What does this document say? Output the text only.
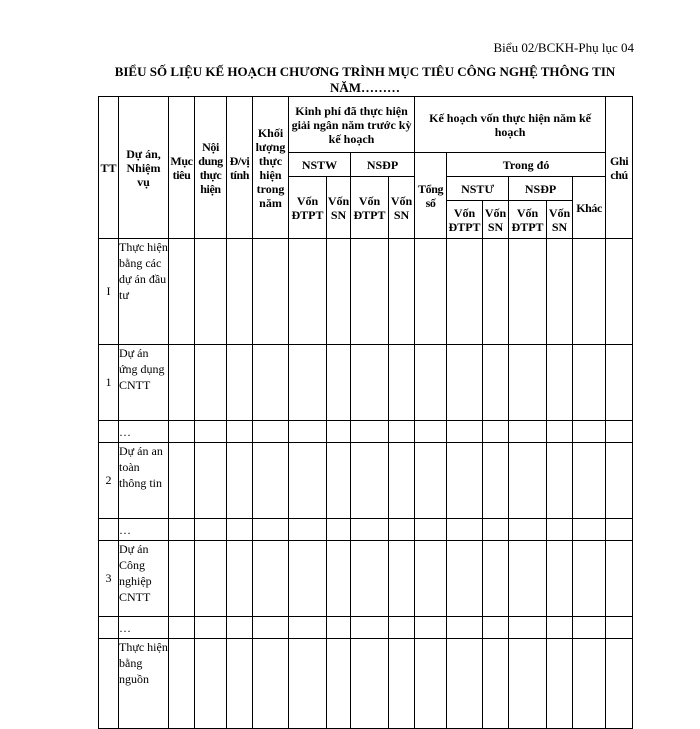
Biểu 02/BCKH-Phụ lục 04
BIỂU SỐ LIỆU KẾ HOẠCH CHƯƠNG TRÌNH MỤC TIÊU CÔNG NGHỆ THÔNG TIN NĂM………
TT	Dự án, Nhiệm vụ	Mục tiêu	Nội dung thực hiện	Đ/vị tính	Khối lượng thực hiện trong năm	Kinh phí đã thực hiện giải ngân năm trước kỳ kế hoạch				Kế hoạch vốn thực hiện năm kế hoạch						Ghi chú
						NSTW		NSĐP		Tổng số	Trong đó					
						Vốn ĐTPT	Vốn SN	Vốn ĐTPT	Vốn SN		NSTƯ		NSĐP		Khác	
											Vốn ĐTPT	Vốn SN	Vốn ĐTPT	Vốn SN		
I	Thực hiện bằng các dự án đầu tư															
1	Dự án ứng dụng CNTT															
	…															
2	Dự án an toàn thông tin															
	…															
3	Dự án Công nghiệp CNTT															
	…															
	Thực hiện bằng nguồn															
